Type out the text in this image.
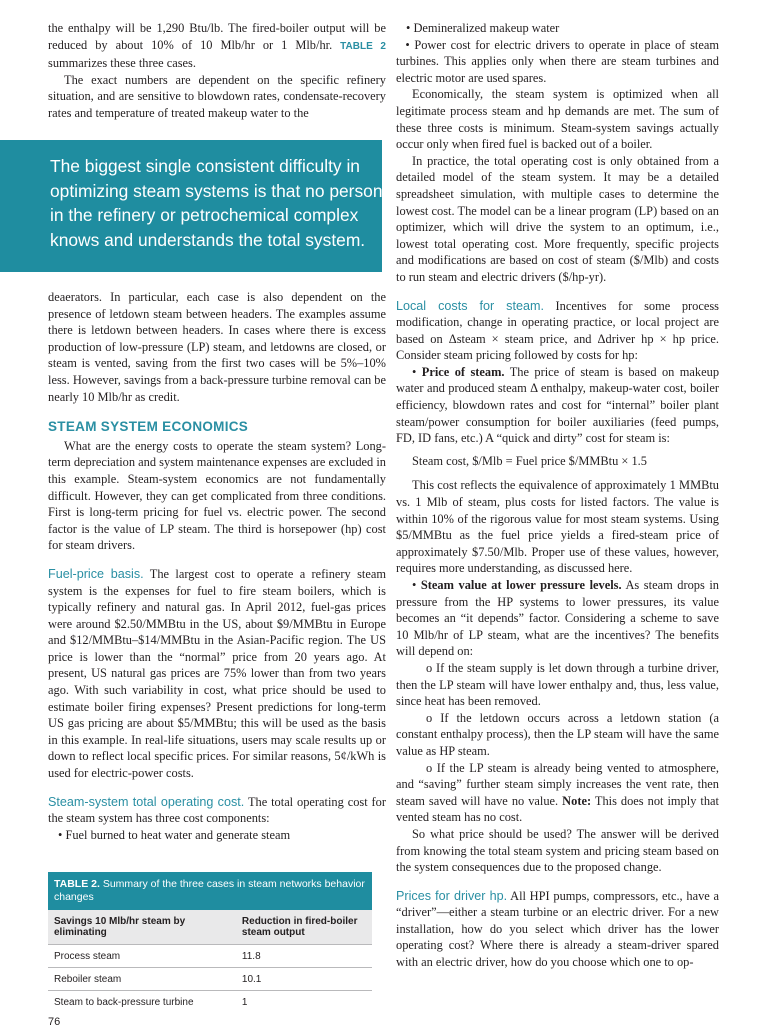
the enthalpy will be 1,290 Btu/lb. The fired-boiler output will be reduced by about 10% of 10 Mlb/hr or 1 Mlb/hr. TABLE 2 summarizes these three cases.

The exact numbers are dependent on the specific refinery situation, and are sensitive to blowdown rates, condensate-recovery rates and temperature of treated makeup water to the

The biggest single consistent difficulty in optimizing steam systems is that no person in the refinery or petrochemical complex knows and understands the total system.

deaerators. In particular, each case is also dependent on the presence of letdown steam between headers. The examples assume there is letdown between headers. In cases where there is excess production of low-pressure (LP) steam, and letdowns are closed, or steam is vented, saving from the first two cases will be 5%–10% less. However, savings from a back-pressure turbine removal can be nearly 10 Mlb/hr as credit.

STEAM SYSTEM ECONOMICS

What are the energy costs to operate the steam system? Long-term depreciation and system maintenance expenses are excluded in this example. Steam-system economics are not fundamentally difficult. However, they can get complicated from three conditions. First is long-term pricing for fuel vs. electric power. The second factor is the value of LP steam. The third is horsepower (hp) cost for steam drivers.

Fuel-price basis. The largest cost to operate a refinery steam system is the expenses for fuel to fire steam boilers, which is typically refinery and natural gas. In April 2012, fuel-gas prices were around $2.50/MMBtu in the US, about $9/MMBtu in Europe and $12/MMBtu–$14/MMBtu in the Asian-Pacific region. The US price is lower than the “normal” price from 20 years ago. At present, US natural gas prices are 75% lower than from two years ago. With such variability in cost, what price should be used to estimate boiler firing expenses? Present predictions for long-term US gas pricing are about $5/MMBtu; this will be used as the basis in this example. In real-life situations, users may scale results up or down to reflect local specific prices. For similar reasons, 5¢/kWh is used for electric-power costs.

Steam-system total operating cost. The total operating cost for the steam system has three cost components:

• Fuel burned to heat water and generate steam

TABLE 2. Summary of the three cases in steam networks behavior changes
Savings 10 Mlb/hr steam by eliminating	Reduction in fired-boiler steam output
Process steam	11.8
Reboiler steam	10.1
Steam to back-pressure turbine	1
76

• Demineralized makeup water

• Power cost for electric drivers to operate in place of steam turbines. This applies only when there are steam turbines and electric motor are used spares.

Economically, the steam system is optimized when all legitimate process steam and hp demands are met. The sum of these three costs is minimum. Steam-system savings actually occur only when fired fuel is backed out of a boiler.

In practice, the total operating cost is only obtained from a detailed model of the steam system. It may be a detailed spreadsheet simulation, with multiple cases to determine the lowest cost. The model can be a linear program (LP) based on an optimizer, which will drive the system to an optimum, i.e., lowest total operating cost. More frequently, specific projects and modifications are based on cost of steam ($/Mlb) and costs to run steam and electric drivers ($/hp-yr).

Local costs for steam. Incentives for some process modification, change in operating practice, or local project are based on Δsteam × steam price, and Δdriver hp × hp price. Consider steam pricing followed by costs for hp:

• Price of steam. The price of steam is based on makeup water and produced steam Δ enthalpy, makeup-water cost, boiler efficiency, blowdown rates and cost for “internal” boiler plant steam/power consumption for boiler auxiliaries (feed pumps, FD, ID fans, etc.) A “quick and dirty” cost for steam is:

Steam cost, $/Mlb = Fuel price $/MMBtu × 1.5

This cost reflects the equivalence of approximately 1 MMBtu vs. 1 Mlb of steam, plus costs for listed factors. The value is within 10% of the rigorous value for most steam systems. Using $5/MMBtu as the fuel price yields a fired-steam price of approximately $7.50/Mlb. Proper use of these values, however, requires more understanding, as discussed here.

• Steam value at lower pressure levels. As steam drops in pressure from the HP systems to lower pressures, its value becomes an “it depends” factor. Considering a scheme to save 10 Mlb/hr of LP steam, what are the incentives? The benefits will depend on:

o If the steam supply is let down through a turbine driver, then the LP steam will have lower enthalpy and, thus, less value, since heat has been removed.

o If the letdown occurs across a letdown station (a constant enthalpy process), then the LP steam will have the same value as HP steam.

o If the LP steam is already being vented to atmosphere, and “saving” further steam simply increases the vent rate, then steam saved will have no value. Note: This does not imply that vented steam has no cost.

So what price should be used? The answer will be derived from knowing the total steam system and pricing steam based on the system consequences due to the proposed change.

Prices for driver hp. All HPI pumps, compressors, etc., have a “driver”—either a steam turbine or an electric driver. For a new installation, how do you select which driver has the lower operating cost? Where there is already a steam-driver spared with an electric driver, how do you choose which one to op-
